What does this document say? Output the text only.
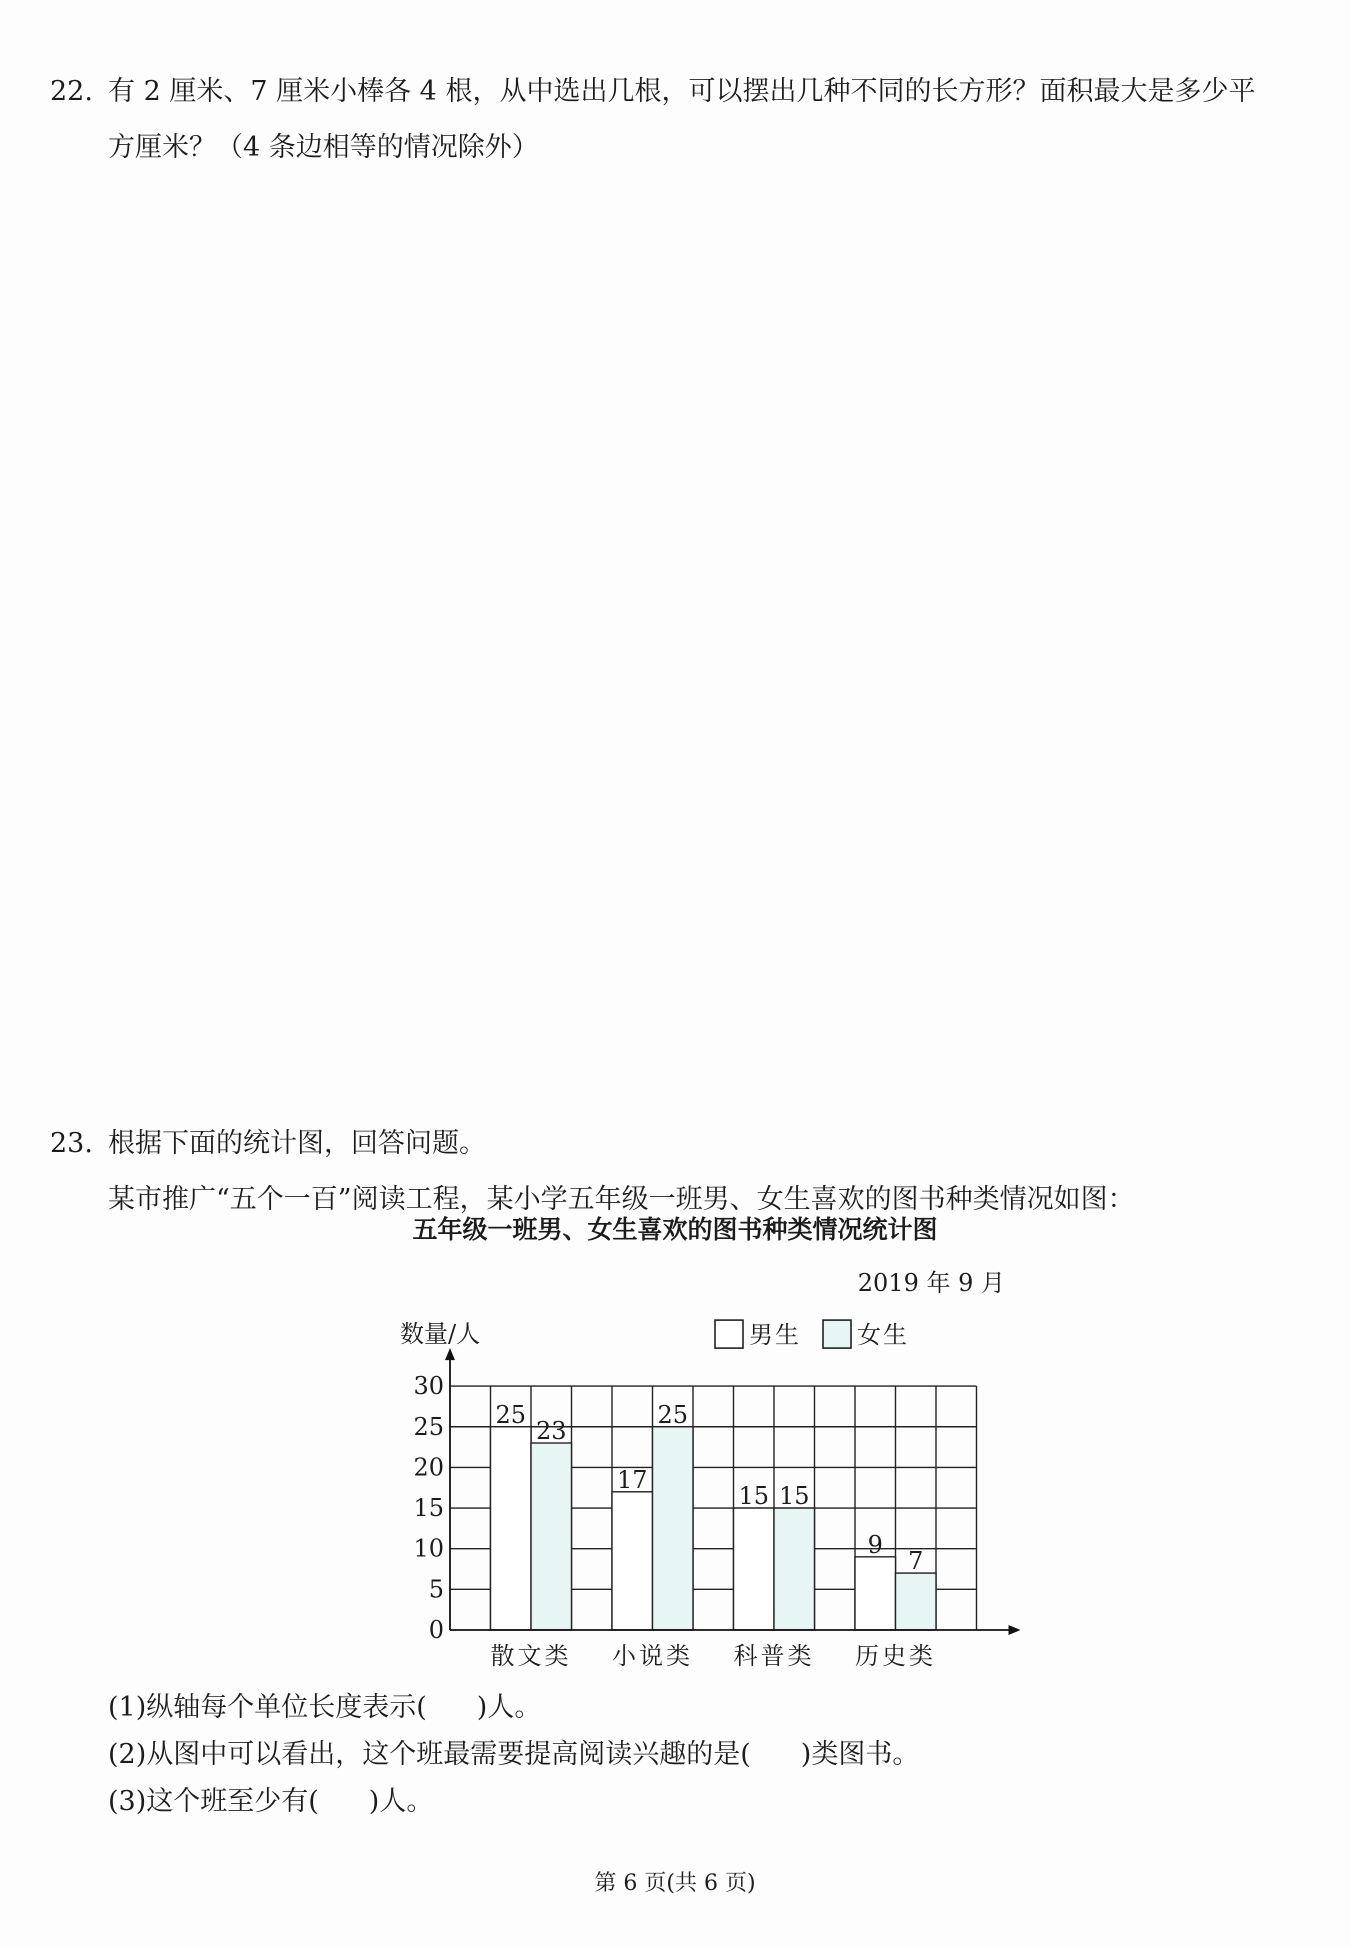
22. 有 2 厘米、7 厘米小棒各 4 根，从中选出几根，可以摆出几种不同的长方形？面积最大是多少平
方厘米？（4 条边相等的情况除外）
23. 根据下面的统计图，回答问题。
某市推广“五个一百”阅读工程，某小学五年级一班男、女生喜欢的图书种类情况如图：
五年级一班男、女生喜欢的图书种类情况统计图
2019 年 9 月
25
23
散文类
17
25
小说类
15 15
科普类
9
7
历史类
0
5
10
15
20
25
30
数量/人	男生 女生
(1)纵轴每个单位长度表示( )人。
(2)从图中可以看出，这个班最需要提高阅读兴趣的是( )类图书。
(3)这个班至少有( )人。
第 6 页(共 6 页)
